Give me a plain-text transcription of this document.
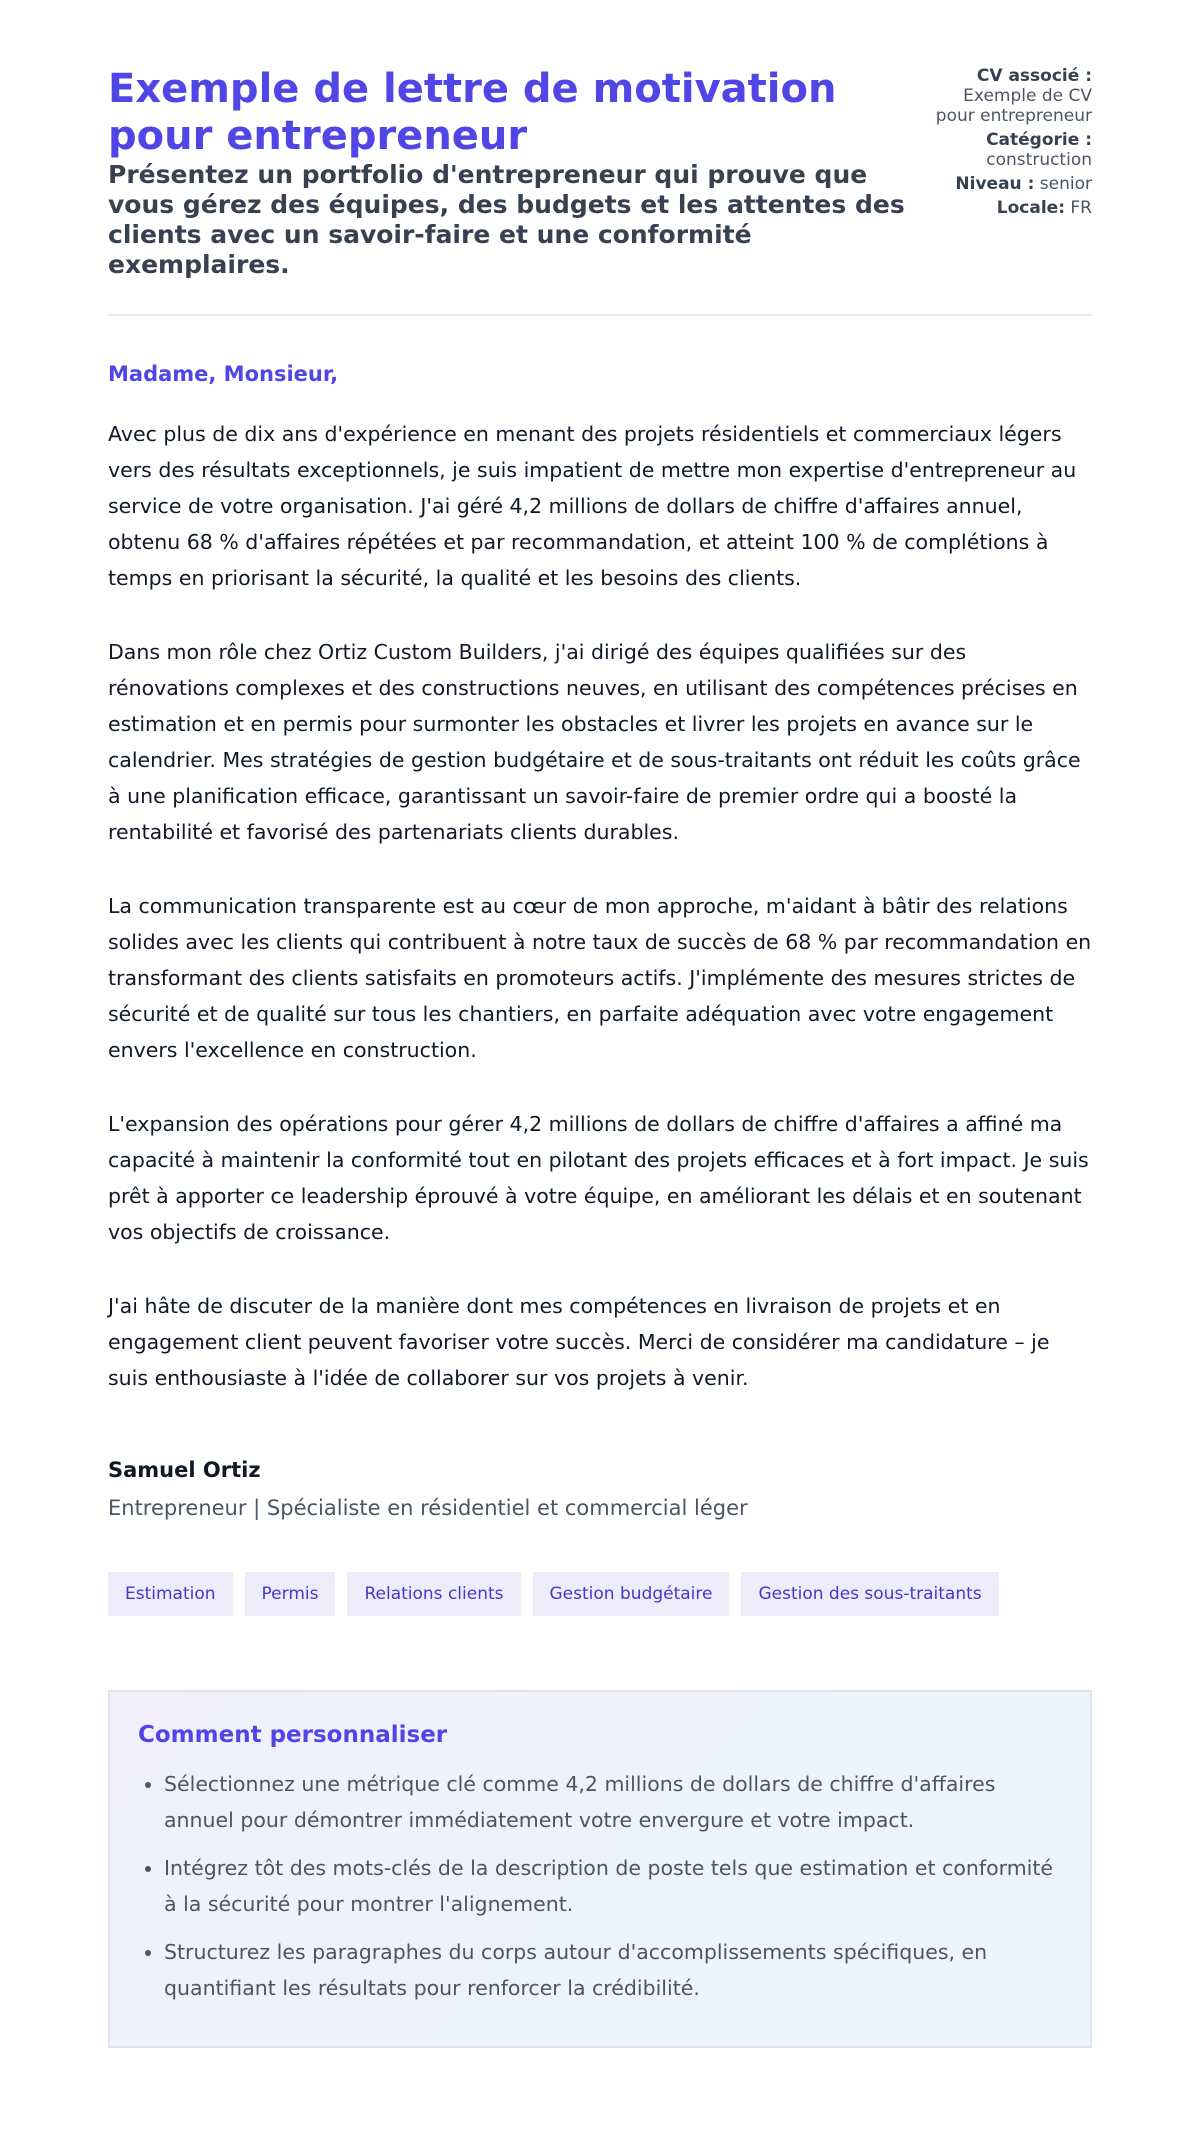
Exemple de lettre de motivation pour entrepreneur

Présentez un portfolio d'entrepreneur qui prouve que vous gérez des équipes, des budgets et les attentes des clients avec un savoir-faire et une conformité exemplaires.

CV associé :
Exemple de CV pour entrepreneur
Catégorie :
construction
Niveau : senior
Locale: FR
Madame, Monsieur,

Avec plus de dix ans d'expérience en menant des projets résidentiels et commerciaux légers vers des résultats exceptionnels, je suis impatient de mettre mon expertise d'entrepreneur au service de votre organisation. J'ai géré 4,2 millions de dollars de chiffre d'affaires annuel, obtenu 68 % d'affaires répétées et par recommandation, et atteint 100 % de complétions à temps en priorisant la sécurité, la qualité et les besoins des clients.

Dans mon rôle chez Ortiz Custom Builders, j'ai dirigé des équipes qualifiées sur des rénovations complexes et des constructions neuves, en utilisant des compétences précises en estimation et en permis pour surmonter les obstacles et livrer les projets en avance sur le calendrier. Mes stratégies de gestion budgétaire et de sous-traitants ont réduit les coûts grâce à une planification efficace, garantissant un savoir-faire de premier ordre qui a boosté la rentabilité et favorisé des partenariats clients durables.

La communication transparente est au cœur de mon approche, m'aidant à bâtir des relations solides avec les clients qui contribuent à notre taux de succès de 68 % par recommandation en transformant des clients satisfaits en promoteurs actifs. J'implémente des mesures strictes de sécurité et de qualité sur tous les chantiers, en parfaite adéquation avec votre engagement envers l'excellence en construction.

L'expansion des opérations pour gérer 4,2 millions de dollars de chiffre d'affaires a affiné ma capacité à maintenir la conformité tout en pilotant des projets efficaces et à fort impact. Je suis prêt à apporter ce leadership éprouvé à votre équipe, en améliorant les délais et en soutenant vos objectifs de croissance.

J'ai hâte de discuter de la manière dont mes compétences en livraison de projets et en engagement client peuvent favoriser votre succès. Merci de considérer ma candidature – je suis enthousiaste à l'idée de collaborer sur vos projets à venir.

Samuel Ortiz
Entrepreneur | Spécialiste en résidentiel et commercial léger
Estimation	Permis	Relations clients	Gestion budgétaire	Gestion des sous-traitants
Comment personnaliser
• Sélectionnez une métrique clé comme 4,2 millions de dollars de chiffre d'affaires annuel pour démontrer immédiatement votre envergure et votre impact.
• Intégrez tôt des mots-clés de la description de poste tels que estimation et conformité à la sécurité pour montrer l'alignement.
• Structurez les paragraphes du corps autour d'accomplissements spécifiques, en quantifiant les résultats pour renforcer la crédibilité.
